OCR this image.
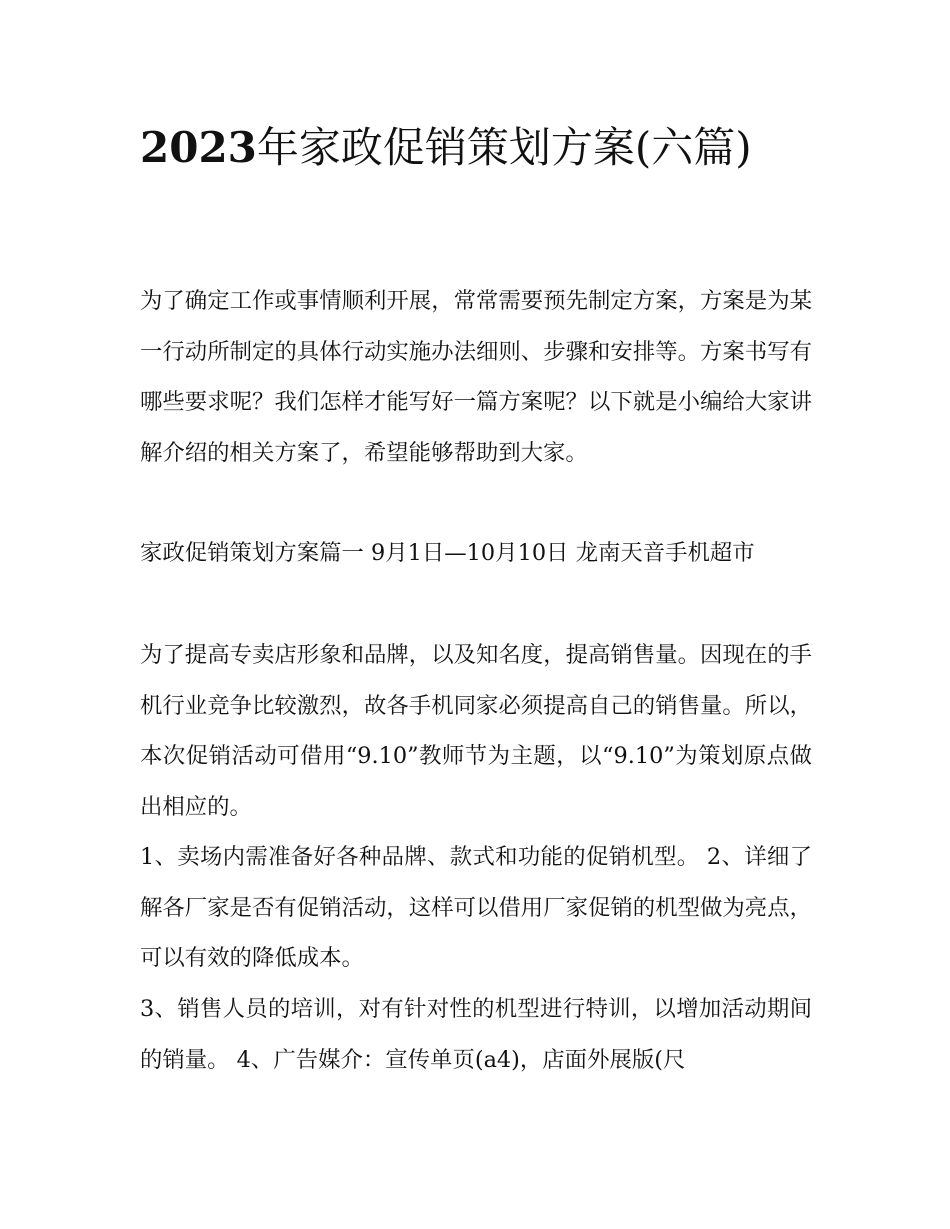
2023年家政促销策划方案(六篇)

为了确定工作或事情顺利开展，常常需要预先制定方案，方案是为某一行动所制定的具体行动实施办法细则、步骤和安排等。方案书写有哪些要求呢？我们怎样才能写好一篇方案呢？以下就是小编给大家讲解介绍的相关方案了，希望能够帮助到大家。

家政促销策划方案篇一 9月1日—10月10日 龙南天音手机超市

为了提高专卖店形象和品牌，以及知名度，提高销售量。因现在的手机行业竞争比较激烈，故各手机同家必须提高自己的销售量。所以，本次促销活动可借用“9.10”教师节为主题，以“9.10”为策划原点做出相应的。

1、卖场内需准备好各种品牌、款式和功能的促销机型。 2、详细了解各厂家是否有促销活动，这样可以借用厂家促销的机型做为亮点，可以有效的降低成本。

3、销售人员的培训，对有针对性的机型进行特训，以增加活动期间的销量。 4、广告媒介：宣传单页(a4)，店面外展版(尺
